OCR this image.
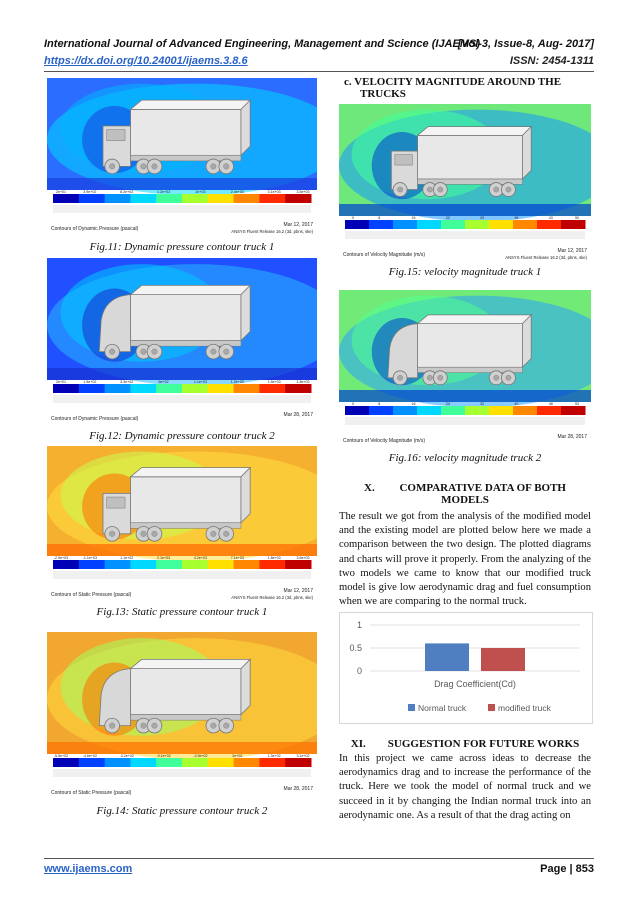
International Journal of Advanced Engineering, Management and Science (IJAEMS)
[Vol-3, Issue-8, Aug- 2017]
https://dx.doi.org/10.24001/ijaems.3.8.6	ISSN: 2454-1311
2e+01	3.9e+02	8.2e+02	1.2e+03	2e+03	2.4e+03	3.1e+03	3.5e+03
Contours of Dynamic Pressure (pascal)
Mar 12, 2017
ANSYS Fluent Release 16.2 (3d, pbns, ske)
Fig.11: Dynamic pressure contour truck 1
2e+01	1.5e+02	3.3e+02	6e+02	1.1e+03	1.3e+03	1.5e+03	1.8e+03
Contours of Dynamic Pressure (pascal)
Mar 28, 2017
Fig.12: Dynamic pressure contour truck 2
-2.9e+03	-1.1e+03	1.1e+02	2.1e+03	4.2e+03	7.1e+03	1.8e+03	3.6e+03
Contours of Static Pressure (pascal)
Mar 12, 2017
ANSYS Fluent Release 16.2 (3d, pbns, ske)
Fig.13: Static pressure contour truck 1
-5.5e+02	-4.6e+02	-3.2e+02	-9.1e+02	-3.9e+02	2e+02	1.3e+02	3.1e+02
Contours of Static Pressure (pascal)
Mar 28, 2017
Fig.14: Static pressure contour truck 2
c. VELOCITY MAGNITUDE AROUND THE
TRUCKS
0	8	15	22	29	36	43	50
Contours of Velocity Magnitude (m/s)
Mar 12, 2017
ANSYS Fluent Release 16.2 (3d, pbns, ske)
Fig.15: velocity magnitude truck 1
0	8	16	24	32	40	48	53
Contours of Velocity Magnitude (m/s)
Mar 28, 2017
Fig.16: velocity magnitude truck 2
X.         COMPARATIVE DATA OF BOTH
MODELS
The result we got from the analysis of the modified model and the existing model are plotted below here we made a comparison between the two design. The plotted diagrams and charts will prove it properly. From the analyzing of the two models we came to know that our modified truck model is give low aerodynamic drag and fuel consumption when we are comparing to the normal truck.
0
0.5
1
Drag Coefficient(Cd)
Normal truck	modified truck
XI.        SUGGESTION FOR FUTURE WORKS
In this project we came across ideas to decrease the aerodynamics drag and to increase the performance of the truck. Here we took the model of normal truck and we succeed in it by changing the Indian normal truck into an aerodynamic one. As a result of that the drag acting on
www.ijaems.com	Page | 853
